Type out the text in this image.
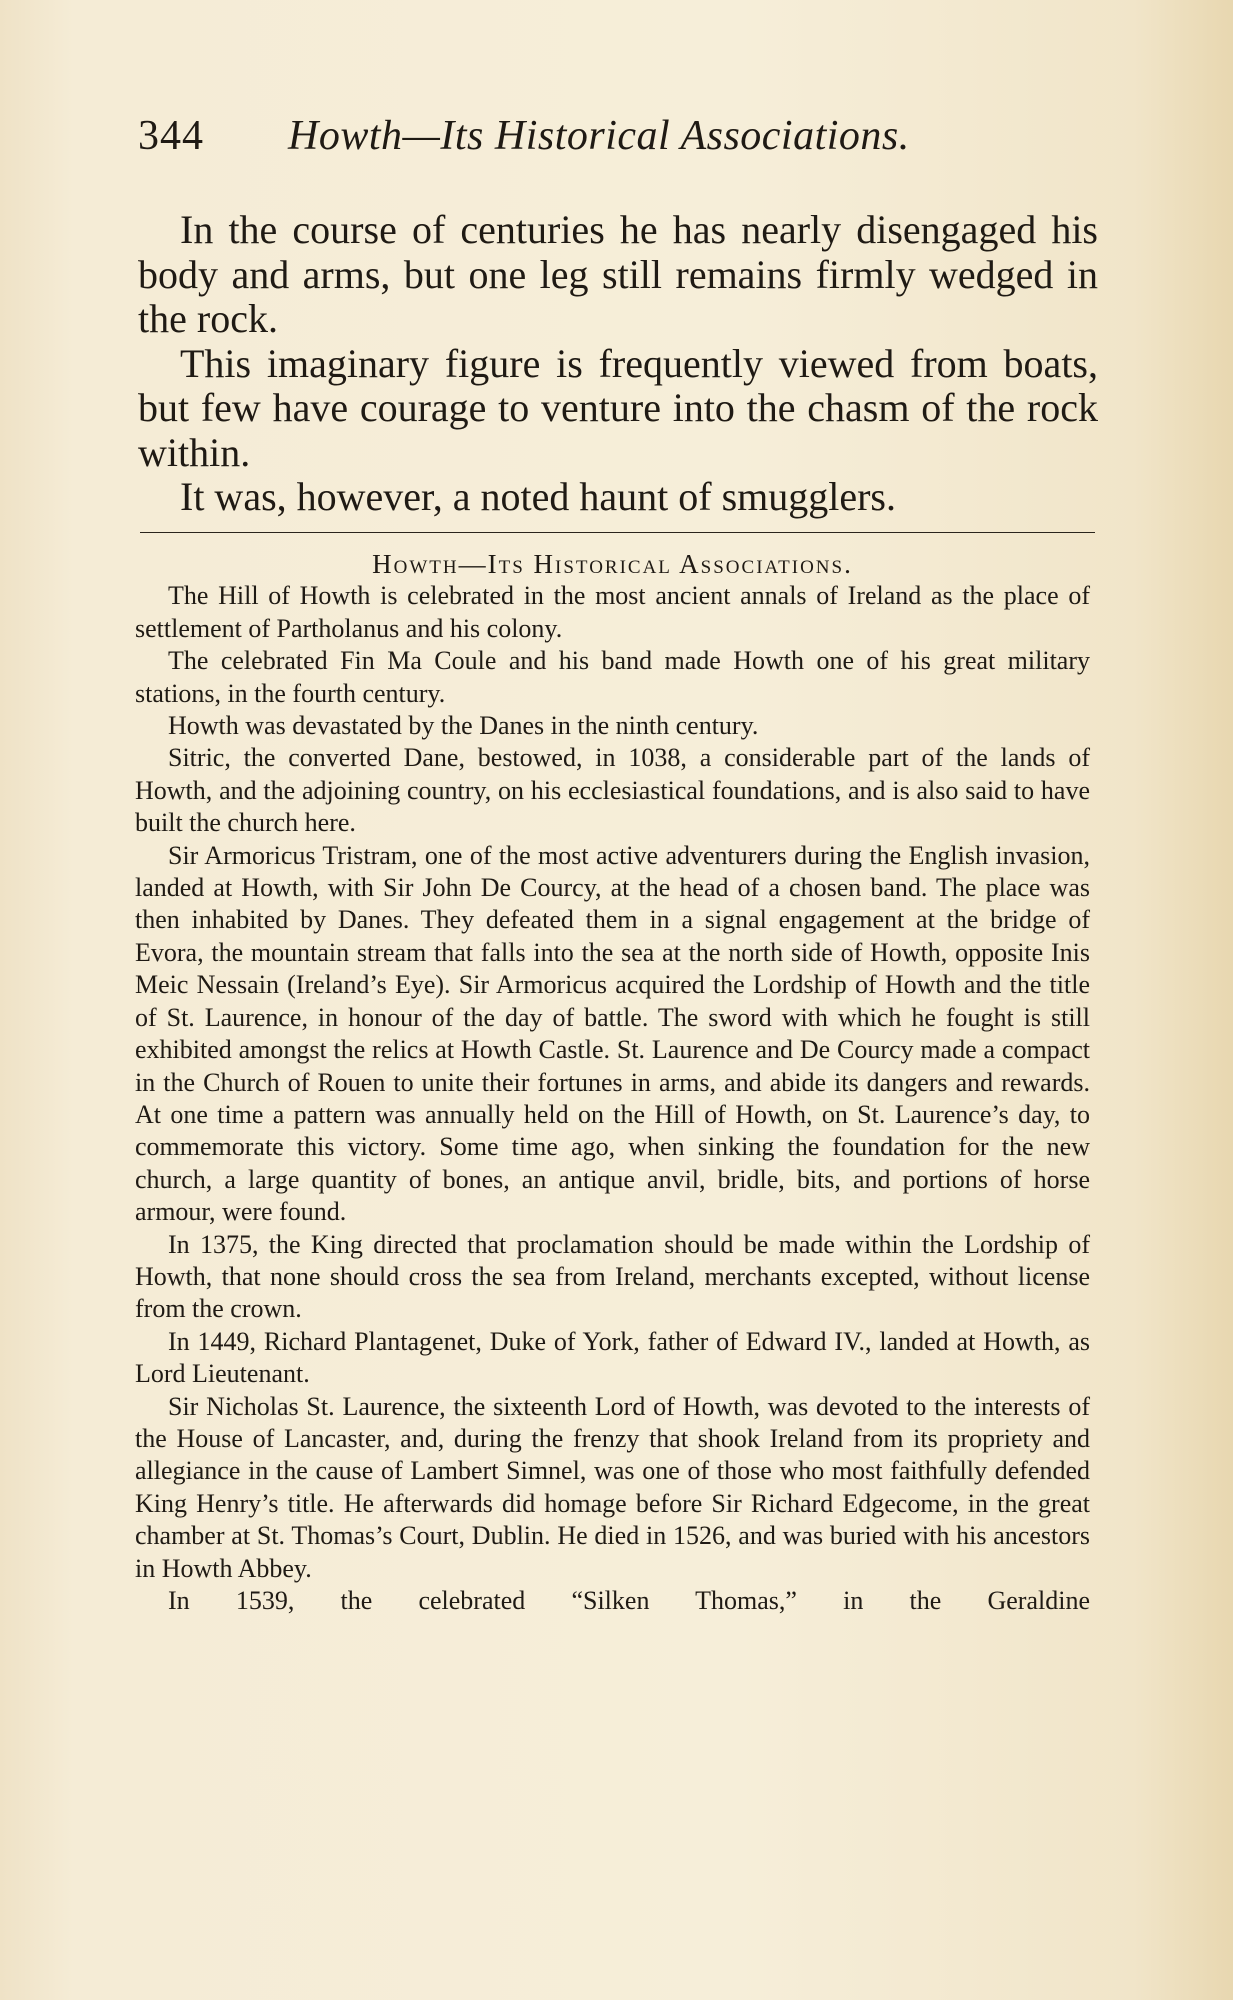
344 Howth—Its Historical Associations.

In the course of centuries he has nearly disengaged his body and arms, but one leg still remains firmly wedged in the rock.

This imaginary figure is frequently viewed from boats, but few have courage to venture into the chasm of the rock within.

It was, however, a noted haunt of smugglers.

Howth—Its Historical Associations.

The Hill of Howth is celebrated in the most ancient annals of Ireland as the place of settlement of Partholanus and his colony.

The celebrated Fin Ma Coule and his band made Howth one of his great military stations, in the fourth century.

Howth was devastated by the Danes in the ninth century.

Sitric, the converted Dane, bestowed, in 1038, a considerable part of the lands of Howth, and the adjoining country, on his ecclesiastical foundations, and is also said to have built the church here.

Sir Armoricus Tristram, one of the most active adventurers during the English invasion, landed at Howth, with Sir John De Courcy, at the head of a chosen band. The place was then inhabited by Danes. They defeated them in a signal engagement at the bridge of Evora, the mountain stream that falls into the sea at the north side of Howth, opposite Inis Meic Nessain (Ireland’s Eye). Sir Armoricus acquired the Lordship of Howth and the title of St. Laurence, in honour of the day of battle. The sword with which he fought is still exhibited amongst the relics at Howth Castle. St. Laurence and De Courcy made a compact in the Church of Rouen to unite their fortunes in arms, and abide its dangers and rewards. At one time a pattern was annually held on the Hill of Howth, on St. Laurence’s day, to commemorate this victory. Some time ago, when sinking the foundation for the new church, a large quantity of bones, an antique anvil, bridle, bits, and portions of horse armour, were found.

In 1375, the King directed that proclamation should be made within the Lordship of Howth, that none should cross the sea from Ireland, merchants excepted, without license from the crown.

In 1449, Richard Plantagenet, Duke of York, father of Edward IV., landed at Howth, as Lord Lieutenant.

Sir Nicholas St. Laurence, the sixteenth Lord of Howth, was devoted to the interests of the House of Lancaster, and, during the frenzy that shook Ireland from its propriety and allegiance in the cause of Lambert Simnel, was one of those who most faithfully defended King Henry’s title. He afterwards did homage before Sir Richard Edgecome, in the great chamber at St. Thomas’s Court, Dublin. He died in 1526, and was buried with his ancestors in Howth Abbey.

In 1539, the celebrated “Silken Thomas,” in the Geraldine
